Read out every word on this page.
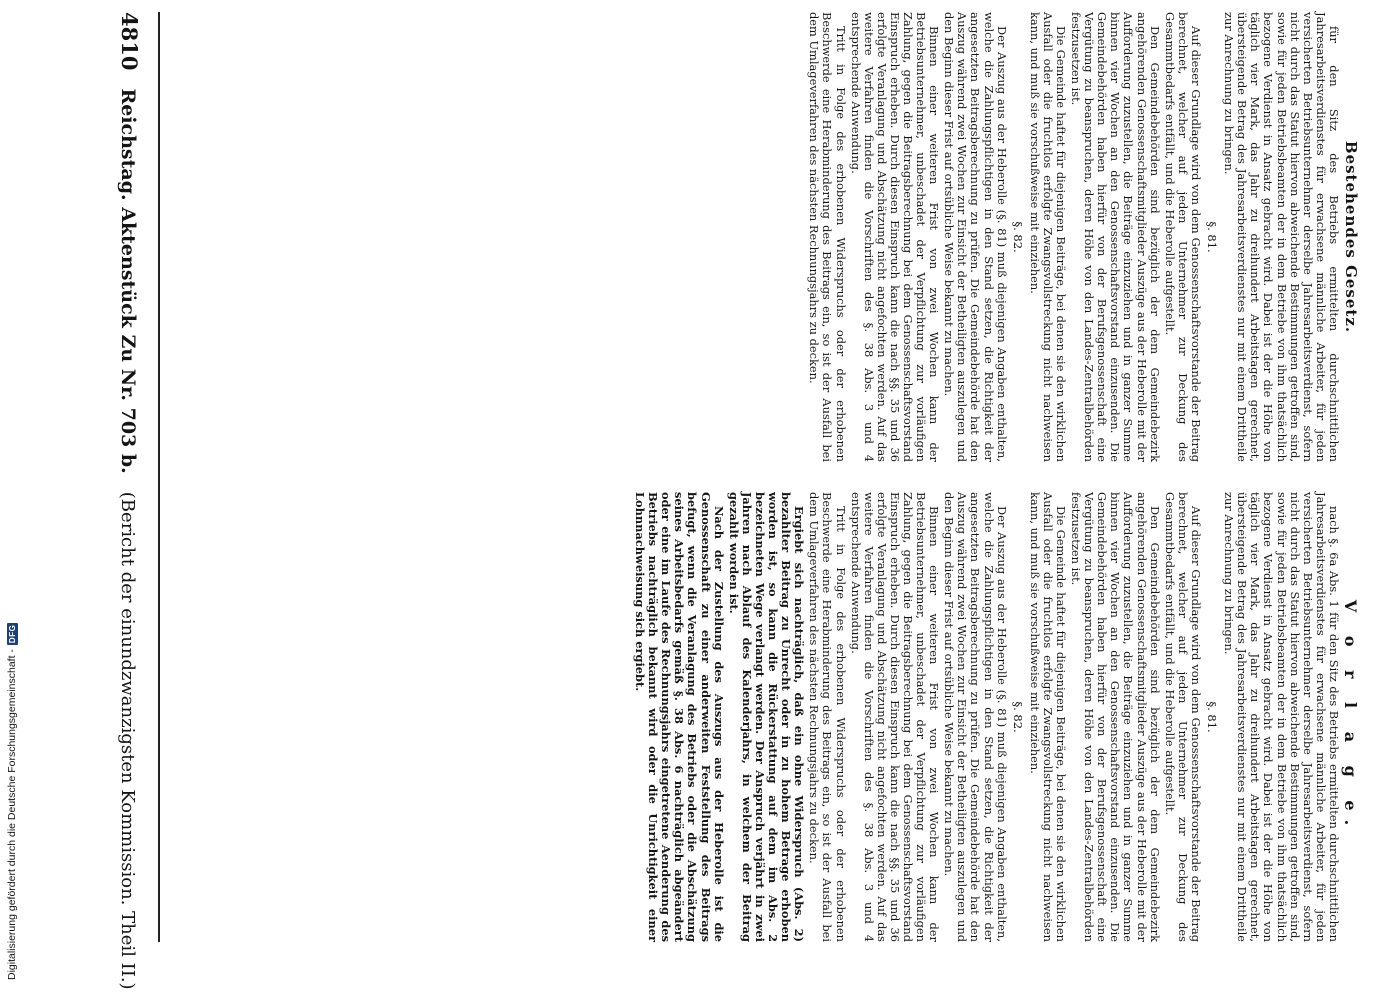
4810
Reichstag. Aktenstück Zu Nr. 703 b.
(Bericht der einundzwanzigsten Kommission. Theil II.)
Bestehendes Gesetz.

für den Sitz des Betriebs ermittelten durchschnittlichen Jahresarbeitsverdienstes für erwachsene männliche Arbeiter, für jeden versicherten Betriebsunternehmer derselbe Jahresarbeitsverdienst, sofern nicht durch das Statut hiervon abweichende Bestimmungen getroffen sind, sowie für jeden Betriebsbeamten der in dem Betriebe von ihm thatsächlich bezogene Verdienst in Ansatz gebracht wird. Dabei ist der die Höhe von täglich vier Mark, das Jahr zu dreihundert Arbeitstagen gerechnet, übersteigende Betrag des Jahresarbeitsverdienstes nur mit einem Drittheile zur Anrechnung zu bringen.

§. 81.

Auf dieser Grundlage wird von dem Genossenschaftsvorstande der Beitrag berechnet, welcher auf jeden Unternehmer zur Deckung des Gesammtbedarfs entfällt, und die Heberolle aufgestellt.

Den Gemeindebehörden sind bezüglich der dem Gemeindebezirk angehörenden Genossenschaftsmitglieder Auszüge aus der Heberolle mit der Aufforderung zuzustellen, die Beiträge einzuziehen und in ganzer Summe binnen vier Wochen an den Genossenschaftsvorstand einzusenden. Die Gemeindebehörden haben hierfür von der Berufsgenossenschaft eine Vergütung zu beanspruchen, deren Höhe von den Landes-Zentralbehörden festzusetzen ist.

Die Gemeinde haftet für diejenigen Beiträge, bei denen sie den wirklichen Ausfall oder die fruchtlos erfolgte Zwangsvollstreckung nicht nachweisen kann, und muß sie vorschußweise mit einziehen.

§. 82.

Der Auszug aus der Heberolle (§. 81) muß diejenigen Angaben enthalten, welche die Zahlungspflichtigen in den Stand setzen, die Richtigkeit der angesetzten Beitragsberechnung zu prüfen. Die Gemeindebehörde hat den Auszug während zwei Wochen zur Einsicht der Betheiligten auszulegen und den Beginn dieser Frist auf ortsübliche Weise bekannt zu machen.

Binnen einer weiteren Frist von zwei Wochen kann der Betriebsunternehmer, unbeschadet der Verpflichtung zur vorläufigen Zahlung, gegen die Beitragsberechnung bei dem Genossenschaftsvorstand Einspruch erheben. Durch diesen Einspruch kann die nach §§. 35 und 36 erfolgte Veranlagung und Abschätzung nicht angefochten werden. Auf das weitere Verfahren finden die Vorschriften des §. 38 Abs. 3 und 4 entsprechende Anwendung.

Tritt in Folge des erhobenen Widerspruchs oder der erhobenen Beschwerde eine Herabminderung des Beitrags ein, so ist der Ausfall bei dem Umlageverfahren des nächsten Rechnungsjahrs zu decken.

V o r l a g e.

nach §. 6a Abs. 1 für den Sitz des Betriebs ermittelten durchschnittlichen Jahresarbeitsverdienstes für erwachsene männliche Arbeiter, für jeden versicherten Betriebsunternehmer derselbe Jahresarbeitsverdienst, sofern nicht durch das Statut hiervon abweichende Bestimmungen getroffen sind, sowie für jeden Betriebsbeamten der in dem Betriebe von ihm thatsächlich bezogene Verdienst in Ansatz gebracht wird. Dabei ist der die Höhe von täglich vier Mark, das Jahr zu dreihundert Arbeitstagen gerechnet, übersteigende Betrag des Jahresarbeitsverdienstes nur mit einem Drittheile zur Anrechnung zu bringen.

§. 81.

Auf dieser Grundlage wird von dem Genossenschaftsvorstande der Beitrag berechnet, welcher auf jeden Unternehmer zur Deckung des Gesammtbedarfs entfällt, und die Heberolle aufgestellt.

Den Gemeindebehörden sind bezüglich der dem Gemeindebezirk angehörenden Genossenschaftsmitglieder Auszüge aus der Heberolle mit der Aufforderung zuzustellen, die Beiträge einzuziehen und in ganzer Summe binnen vier Wochen an den Genossenschaftsvorstand einzusenden. Die Gemeindebehörden haben hierfür von der Berufsgenossenschaft eine Vergütung zu beanspruchen, deren Höhe von den Landes-Zentralbehörden festzusetzen ist.

Die Gemeinde haftet für diejenigen Beiträge, bei denen sie den wirklichen Ausfall oder die fruchtlos erfolgte Zwangsvollstreckung nicht nachweisen kann, und muß sie vorschußweise mit einziehen.

§. 82.

Der Auszug aus der Heberolle (§. 81) muß diejenigen Angaben enthalten, welche die Zahlungspflichtigen in den Stand setzen, die Richtigkeit der angesetzten Beitragsberechnung zu prüfen. Die Gemeindebehörde hat den Auszug während zwei Wochen zur Einsicht der Betheiligten auszulegen und den Beginn dieser Frist auf ortsübliche Weise bekannt zu machen.

Binnen einer weiteren Frist von zwei Wochen kann der Betriebsunternehmer, unbeschadet der Verpflichtung zur vorläufigen Zahlung, gegen die Beitragsberechnung bei dem Genossenschaftsvorstand Einspruch erheben. Durch diesen Einspruch kann die nach §§. 35 und 36 erfolgte Veranlagung und Abschätzung nicht angefochten werden. Auf das weitere Verfahren finden die Vorschriften des §. 38 Abs. 3 und 4 entsprechende Anwendung.

Tritt in Folge des erhobenen Widerspruchs oder der erhobenen Beschwerde eine Herabminderung des Beitrags ein, so ist der Ausfall bei dem Umlageverfahren des nächsten Rechnungsjahrs zu decken.

Ergiebt sich nachträglich, daß ein ohne Widerspruch (Abs. 2) bezahlter Beitrag zu Unrecht oder in zu hohem Betrage erhoben worden ist, so kann die Rückerstattung auf dem im Abs. 2 bezeichneten Wege verlangt werden. Der Anspruch verjährt in zwei Jahren nach Ablauf des Kalenderjahrs, in welchem der Beitrag gezahlt worden ist.

Nach der Zustellung des Auszugs aus der Heberolle ist die Genossenschaft zu einer anderweiten Feststellung des Beitrags befugt, wenn die Veranlagung des Betriebs oder die Abschätzung seines Arbeitsbedarfs gemäß §. 38 Abs. 6 nachträglich abgeändert oder eine im Laufe des Rechnungsjahrs eingetretene Aenderung des Betriebs nachträglich bekannt wird oder die Unrichtigkeit einer Lohnnachweisung sich ergiebt.

Digitalisierung gefördert durch die Deutsche Forschungsgemeinschaft -
DFG
